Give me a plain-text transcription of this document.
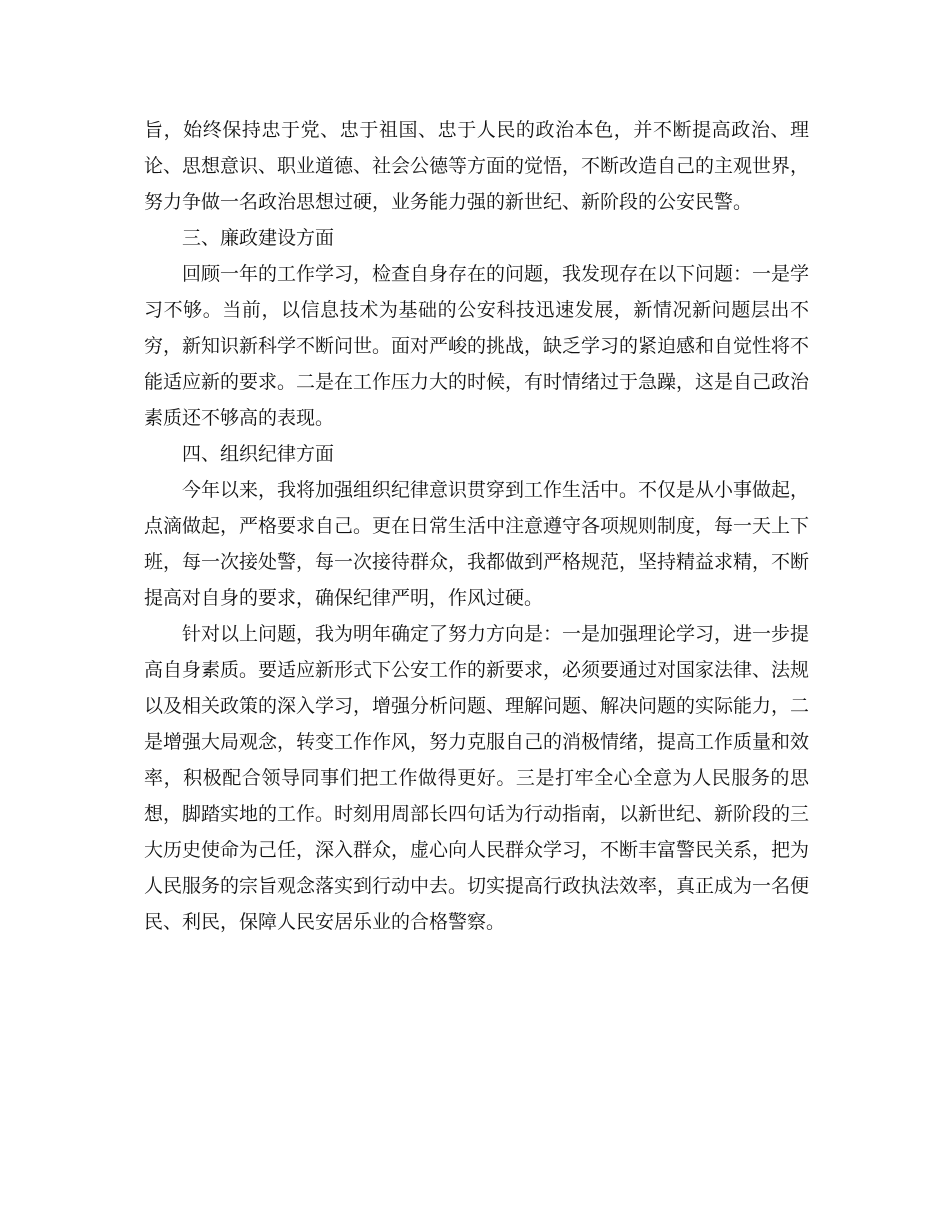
旨，始终保持忠于党、忠于祖国、忠于人民的政治本色，并不断提高政治、理论、思想意识、职业道德、社会公德等方面的觉悟，不断改造自己的主观世界，努力争做一名政治思想过硬，业务能力强的新世纪、新阶段的公安民警。

三、廉政建设方面

回顾一年的工作学习，检查自身存在的问题，我发现存在以下问题：一是学习不够。当前，以信息技术为基础的公安科技迅速发展，新情况新问题层出不穷，新知识新科学不断问世。面对严峻的挑战，缺乏学习的紧迫感和自觉性将不能适应新的要求。二是在工作压力大的时候，有时情绪过于急躁，这是自己政治素质还不够高的表现。

四、组织纪律方面

今年以来，我将加强组织纪律意识贯穿到工作生活中。不仅是从小事做起，点滴做起，严格要求自己。更在日常生活中注意遵守各项规则制度，每一天上下班，每一次接处警，每一次接待群众，我都做到严格规范，坚持精益求精，不断提高对自身的要求，确保纪律严明，作风过硬。

针对以上问题，我为明年确定了努力方向是：一是加强理论学习，进一步提高自身素质。要适应新形式下公安工作的新要求，必须要通过对国家法律、法规以及相关政策的深入学习，增强分析问题、理解问题、解决问题的实际能力，二是增强大局观念，转变工作作风，努力克服自己的消极情绪，提高工作质量和效率，积极配合领导同事们把工作做得更好。三是打牢全心全意为人民服务的思想，脚踏实地的工作。时刻用周部长四句话为行动指南，以新世纪、新阶段的三大历史使命为己任，深入群众，虚心向人民群众学习，不断丰富警民关系，把为人民服务的宗旨观念落实到行动中去。切实提高行政执法效率，真正成为一名便民、利民，保障人民安居乐业的合格警察。
